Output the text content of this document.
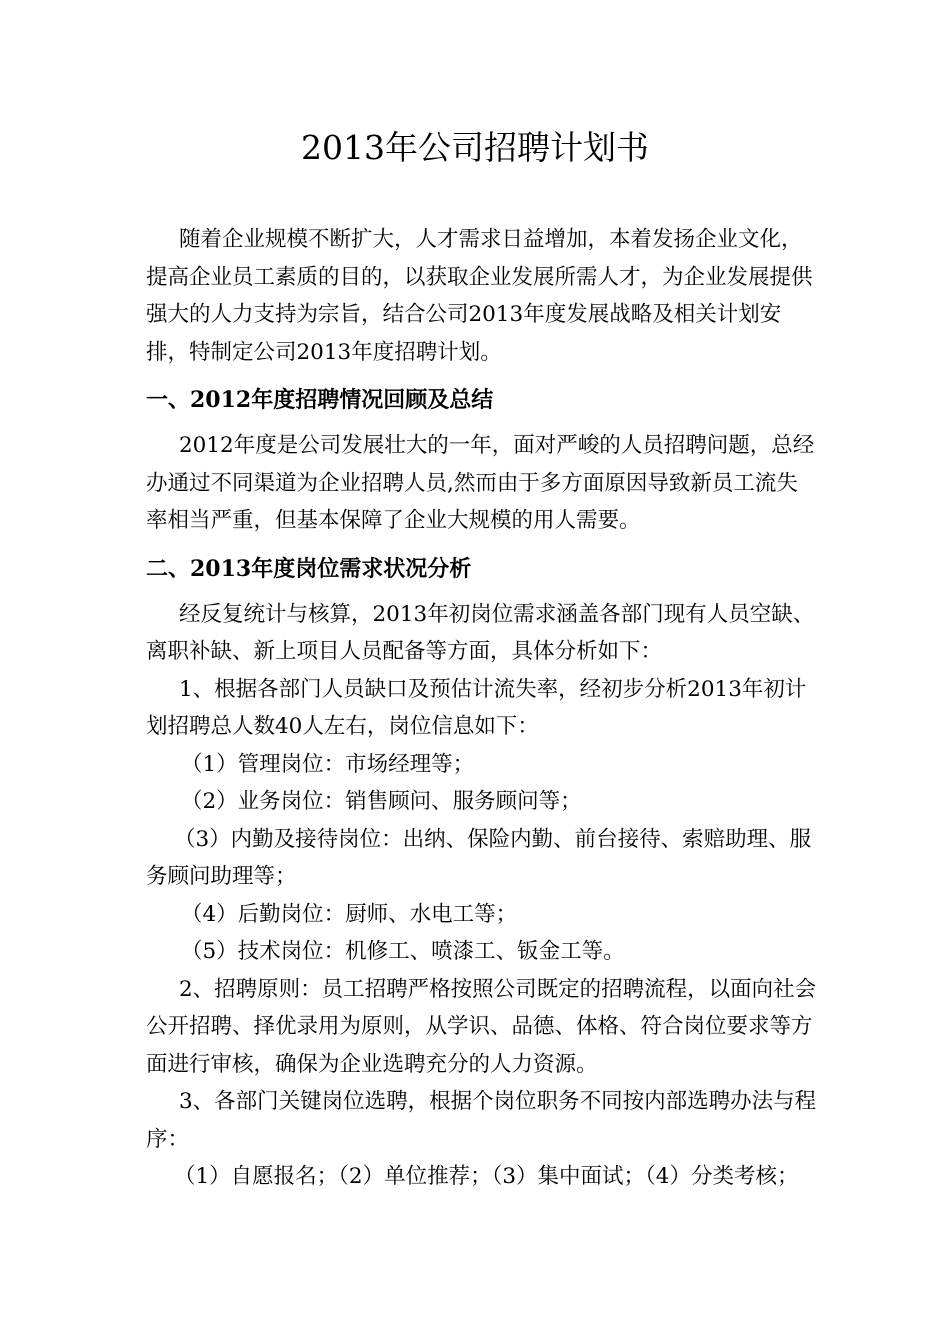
2013年公司招聘计划书

随着企业规模不断扩大，人才需求日益增加，本着发扬企业文化，提高企业员工素质的目的，以获取企业发展所需人才，为企业发展提供强大的人力支持为宗旨，结合公司2013年度发展战略及相关计划安排，特制定公司2013年度招聘计划。

一、2012年度招聘情况回顾及总结

2012年度是公司发展壮大的一年，面对严峻的人员招聘问题，总经办通过不同渠道为企业招聘人员,然而由于多方面原因导致新员工流失率相当严重，但基本保障了企业大规模的用人需要。

二、2013年度岗位需求状况分析

经反复统计与核算，2013年初岗位需求涵盖各部门现有人员空缺、离职补缺、新上项目人员配备等方面，具体分析如下：

1、根据各部门人员缺口及预估计流失率，经初步分析2013年初计划招聘总人数40人左右，岗位信息如下：

（1）管理岗位：市场经理等；

（2）业务岗位：销售顾问、服务顾问等；

（3）内勤及接待岗位：出纳、保险内勤、前台接待、索赔助理、服务顾问助理等；

（4）后勤岗位：厨师、水电工等；

（5）技术岗位：机修工、喷漆工、钣金工等。

2、招聘原则：员工招聘严格按照公司既定的招聘流程，以面向社会公开招聘、择优录用为原则，从学识、品德、体格、符合岗位要求等方面进行审核，确保为企业选聘充分的人力资源。

3、各部门关键岗位选聘，根据个岗位职务不同按内部选聘办法与程序：

（1）自愿报名；（2）单位推荐；（3）集中面试；（4）分类考核；
